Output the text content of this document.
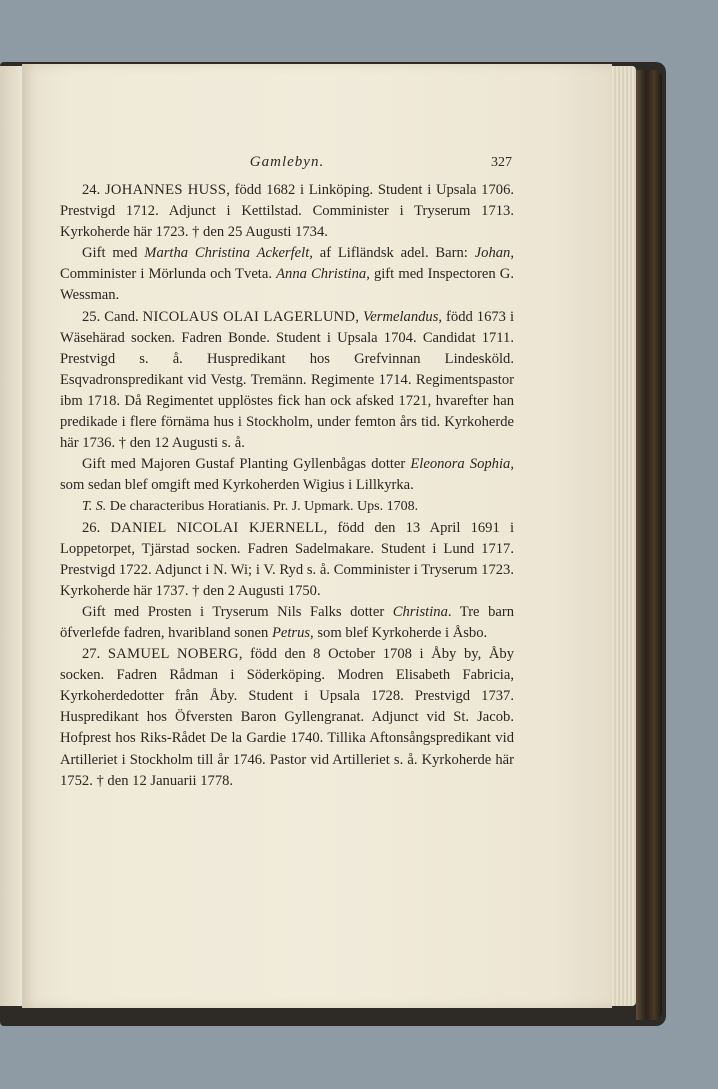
Gamlebyn.	327

24. JOHANNES HUSS, född 1682 i Linköping. Student i Upsala 1706. Prestvigd 1712. Adjunct i Kettilstad. Comminister i Tryserum 1713. Kyrkoherde här 1723. † den 25 Augusti 1734.

Gift med Martha Christina Ackerfelt, af Lifländsk adel. Barn: Johan, Comminister i Mörlunda och Tveta. Anna Christina, gift med Inspectoren G. Wessman.

25. Cand. NICOLAUS OLAI LAGERLUND, Vermelandus, född 1673 i Wäsehärad socken. Fadren Bonde. Student i Upsala 1704. Candidat 1711. Prestvigd s. å. Huspredikant hos Grefvinnan Lindesköld. Esqvadronspredikant vid Vestg. Tremänn. Regimente 1714. Regimentspastor ibm 1718. Då Regimentet upplöstes fick han ock afsked 1721, hvarefter han predikade i flere förnäma hus i Stockholm, under femton års tid. Kyrkoherde här 1736. † den 12 Augusti s. å.

Gift med Majoren Gustaf Planting Gyllenbågas dotter Eleonora Sophia, som sedan blef omgift med Kyrkoherden Wigius i Lillkyrka.

T. S. De characteribus Horatianis. Pr. J. Upmark. Ups. 1708.

26. DANIEL NICOLAI KJERNELL, född den 13 April 1691 i Loppetorpet, Tjärstad socken. Fadren Sadelmakare. Student i Lund 1717. Prestvigd 1722. Adjunct i N. Wi; i V. Ryd s. å. Comminister i Tryserum 1723. Kyrkoherde här 1737. † den 2 Augusti 1750.

Gift med Prosten i Tryserum Nils Falks dotter Christina. Tre barn öfverlefde fadren, hvaribland sonen Petrus, som blef Kyrkoherde i Åsbo.

27. SAMUEL NOBERG, född den 8 October 1708 i Åby by, Åby socken. Fadren Rådman i Söderköping. Modren Elisabeth Fabricia, Kyrkoherdedotter från Åby. Student i Upsala 1728. Prestvigd 1737. Huspredikant hos Öfversten Baron Gyllengranat. Adjunct vid St. Jacob. Hofprest hos Riks-Rådet De la Gardie 1740. Tillika Aftonsångspredikant vid Artilleriet i Stockholm till år 1746. Pastor vid Artilleriet s. å. Kyrkoherde här 1752. † den 12 Januarii 1778.
